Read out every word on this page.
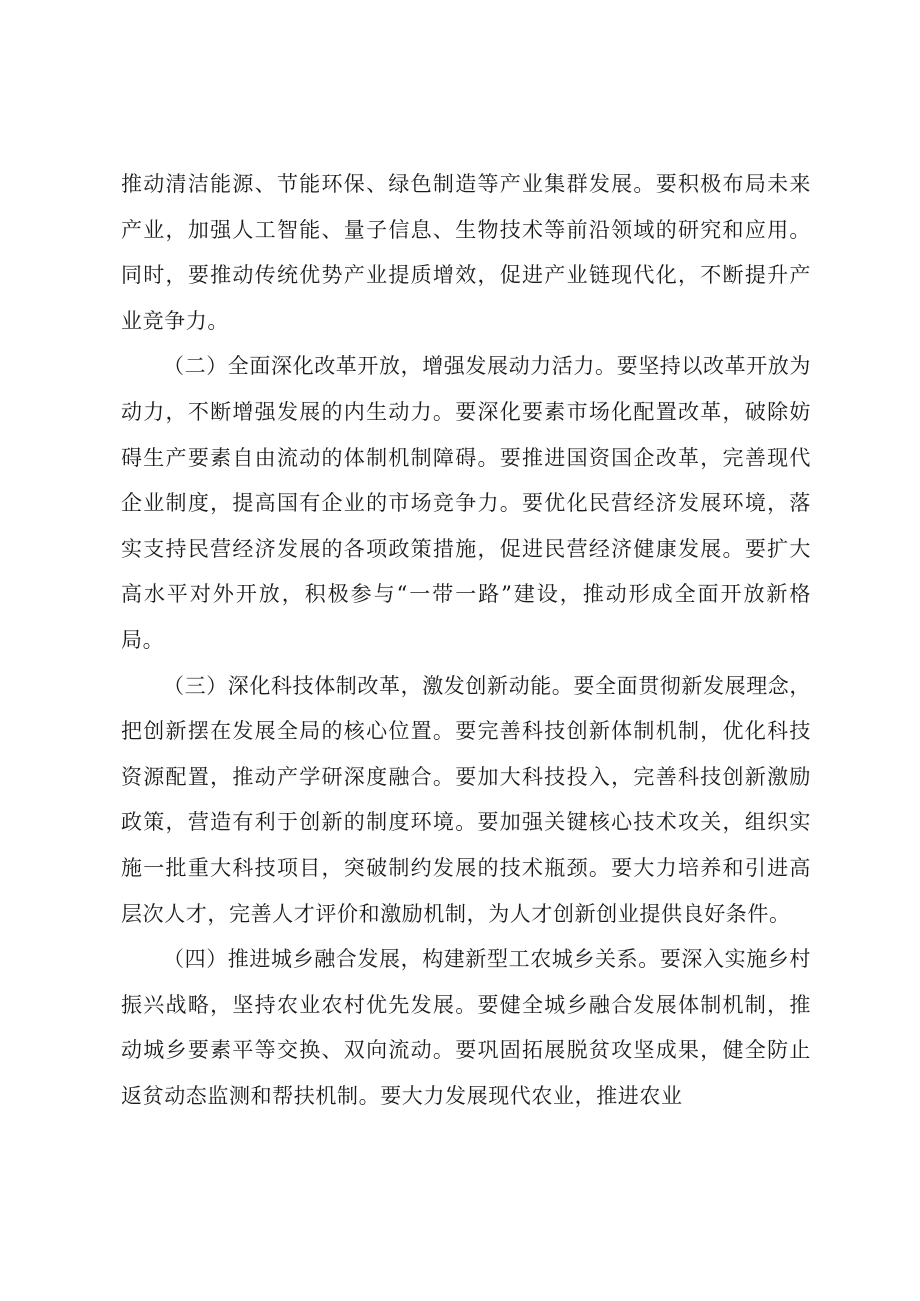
推动清洁能源、节能环保、绿色制造等产业集群发展。要积极布局未来产业，加强人工智能、量子信息、生物技术等前沿领域的研究和应用。同时，要推动传统优势产业提质增效，促进产业链现代化，不断提升产业竞争力。

（二）全面深化改革开放，增强发展动力活力。要坚持以改革开放为动力，不断增强发展的内生动力。要深化要素市场化配置改革，破除妨碍生产要素自由流动的体制机制障碍。要推进国资国企改革，完善现代企业制度，提高国有企业的市场竞争力。要优化民营经济发展环境，落实支持民营经济发展的各项政策措施，促进民营经济健康发展。要扩大高水平对外开放，积极参与“一带一路”建设，推动形成全面开放新格局。

（三）深化科技体制改革，激发创新动能。要全面贯彻新发展理念，把创新摆在发展全局的核心位置。要完善科技创新体制机制，优化科技资源配置，推动产学研深度融合。要加大科技投入，完善科技创新激励政策，营造有利于创新的制度环境。要加强关键核心技术攻关，组织实施一批重大科技项目，突破制约发展的技术瓶颈。要大力培养和引进高层次人才，完善人才评价和激励机制，为人才创新创业提供良好条件。

（四）推进城乡融合发展，构建新型工农城乡关系。要深入实施乡村振兴战略，坚持农业农村优先发展。要健全城乡融合发展体制机制，推动城乡要素平等交换、双向流动。要巩固拓展脱贫攻坚成果，健全防止返贫动态监测和帮扶机制。要大力发展现代农业，推进农业
